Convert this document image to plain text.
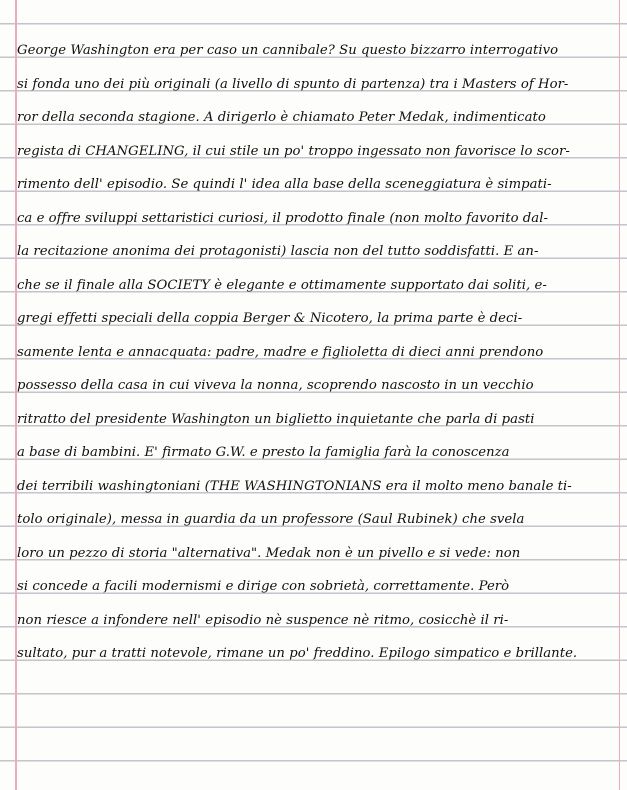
George Washington era per caso un cannibale? Su questo bizzarro interrogativo
si fonda uno dei più originali (a livello di spunto di partenza) tra i Masters of Hor-
ror della seconda stagione. A dirigerlo è chiamato Peter Medak, indimenticato
regista di CHANGELING, il cui stile un po' troppo ingessato non favorisce lo scor-
rimento dell' episodio. Se quindi l' idea alla base della sceneggiatura è simpati-
ca e offre sviluppi settaristici curiosi, il prodotto finale (non molto favorito dal-
la recitazione anonima dei protagonisti) lascia non del tutto soddisfatti. E an-
che se il finale alla SOCIETY è elegante e ottimamente supportato dai soliti, e-
gregi effetti speciali della coppia Berger & Nicotero, la prima parte è deci-
samente lenta e annacquata: padre, madre e figlioletta di dieci anni prendono
possesso della casa in cui viveva la nonna, scoprendo nascosto in un vecchio
ritratto del presidente Washington un biglietto inquietante che parla di pasti
a base di bambini. E' firmato G.W. e presto la famiglia farà la conoscenza
dei terribili washingtoniani (THE WASHINGTONIANS era il molto meno banale ti-
tolo originale), messa in guardia da un professore (Saul Rubinek) che svela
loro un pezzo di storia "alternativa". Medak non è un pivello e si vede: non
si concede a facili modernismi e dirige con sobrietà, correttamente. Però
non riesce a infondere nell' episodio nè suspence nè ritmo, cosicchè il ri-
sultato, pur a tratti notevole, rimane un po' freddino. Epilogo simpatico e brillante.
